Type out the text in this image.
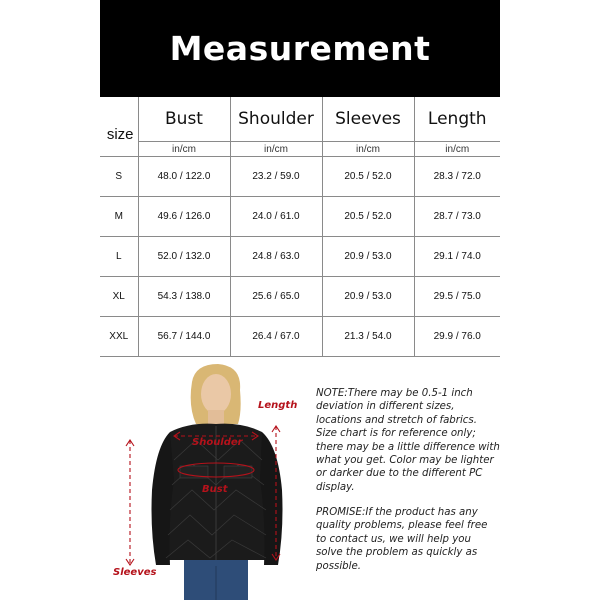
Measurement
size	Bust	Shoulder	Sleeves	Length
	in/cm	in/cm	in/cm	in/cm
S	48.0 / 122.0	23.2 / 59.0	20.5 / 52.0	28.3 / 72.0
M	49.6 / 126.0	24.0 / 61.0	20.5 / 52.0	28.7 / 73.0
L	52.0 / 132.0	24.8 / 63.0	20.9 / 53.0	29.1 / 74.0
XL	54.3 / 138.0	25.6 / 65.0	20.9 / 53.0	29.5 / 75.0
XXL	56.7 / 144.0	26.4 / 67.0	21.3 / 54.0	29.9 / 76.0
Length
Shoulder
Bust
Sleeves
NOTE:There may be 0.5-1 inch deviation in different sizes, locations and stretch of fabrics. Size chart is for reference only; there may be a little difference with what you get. Color may be lighter or darker due to the different PC display.
PROMISE:If the product has any quality problems, please feel free to contact us, we will help you solve the problem as quickly as possible.
